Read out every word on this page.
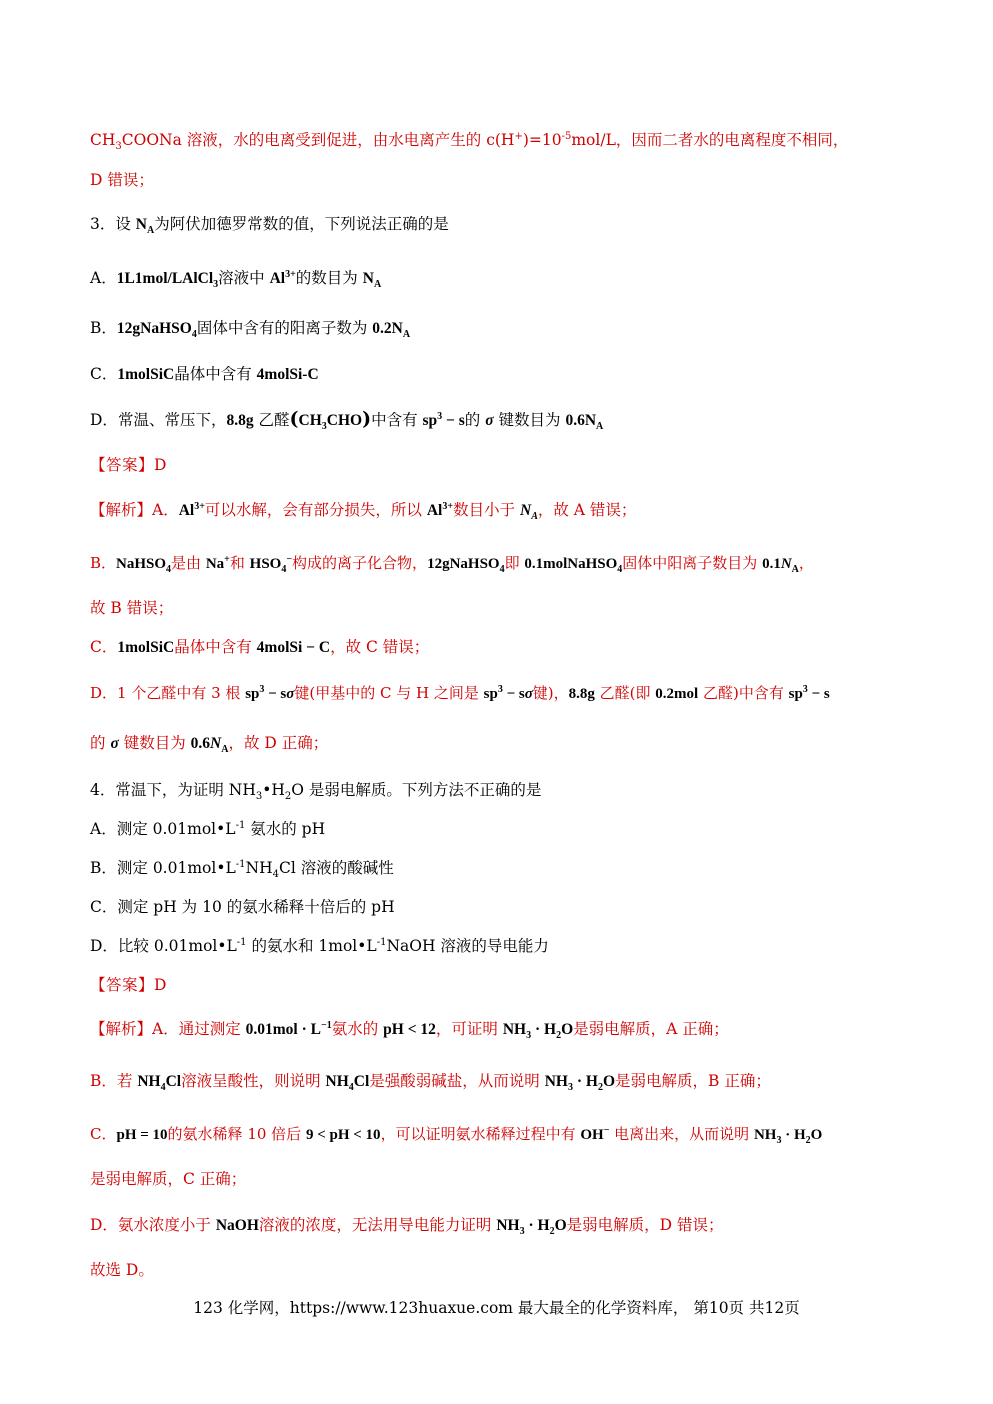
$CH_3COONa$ 溶液，水的电离受到促进，由水电离产生的 $c(H^+)=10^{-5}mol/L$，因而二者水的电离程度不相同，
D 错误；
3．设 $N_A$为阿伏加德罗常数的值，下列说法正确的是
A．1L1mol/LAlCl$_3$溶液中 $Al^{3+}$的数目为 $N_A$
B．12gNaHSO$_4$固体中含有的阳离子数为 $0.2N_A$
C．1molSiC晶体中含有 4molSi-C
D．常温、常压下，8.8g 乙醛$(CH_3CHO)$中含有 $sp^3 - s$的 σ 键数目为 $0.6N_A$
【答案】D
【解析】A．$Al^{3+}$可以水解，会有部分损失，所以 $Al^{3+}$数目小于 $N_A$，故 A 错误；
B．NaHSO$_4$是由 Na+和 $HSO_4^-$构成的离子化合物，12gNaHSO$_4$即 0.1molNaHSO$_4$固体中阳离子数目为 $0.1N_A$，
故 B 错误；
C．1molSiC晶体中含有 4molSi − C，故 C 错误；
D．1 个乙醛中有 3 根 $sp^3 - s\sigma$键(甲基中的 C 与 H 之间是 $sp^3 - s\sigma$键)，8.8g 乙醛(即 0.2mol 乙醛)中含有 $sp^3 - s$
的 σ 键数目为 $0.6N_A$，故 D 正确；
4．常温下，为证明 $NH_3•H_2O$ 是弱电解质。下列方法不正确的是
A．测定 $0.01mol•L^{-1}$ 氨水的 pH
B．测定 $0.01mol•L^{-1}NH_4Cl$ 溶液的酸碱性
C．测定 pH 为 10 的氨水稀释十倍后的 pH
D．比较 $0.01mol•L^{-1}$ 的氨水和 $1mol•L^{-1}NaOH$ 溶液的导电能力
【答案】D
【解析】A．通过测定 $0.01mol \cdot L^{-1}$氨水的 pH < 12，可证明 $NH_3 \cdot H_2O$是弱电解质，A 正确；
B．若 $NH_4Cl$溶液呈酸性，则说明 $NH_4Cl$是强酸弱碱盐，从而说明 $NH_3 \cdot H_2O$是弱电解质，B 正确；
C．pH = 10的氨水稀释 10 倍后 9 < pH < 10，可以证明氨水稀释过程中有 OH− 电离出来，从而说明 $NH_3 \cdot H_2O$
是弱电解质，C 正确；
D．氨水浓度小于 NaOH溶液的浓度，无法用导电能力证明 $NH_3 \cdot H_2O$是弱电解质，D 错误；
故选 D。
123 化学网，https://www.123huaxue.com 最大最全的化学资料库， 第10页 共12页
